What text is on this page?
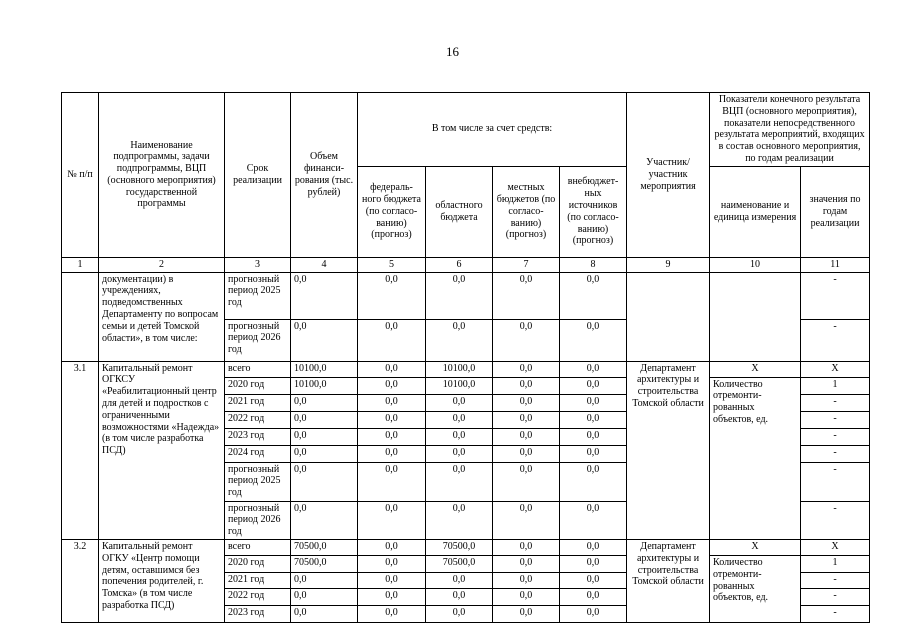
16
№ п/п	Наименование подпрограммы, задачи подпрограммы, ВЦП (основного мероприятия) государственной программы	Срок реализации	Объем финанси-рования (тыс. рублей)	В том числе за счет средств:				Участник/ участник мероприятия	Показатели конечного результата ВЦП (основного мероприятия), показатели непосредственного результата мероприятий, входящих в состав основного мероприятия, по годам реализации	
				федераль-ного бюджета (по согласо-ванию) (прогноз)	областного бюджета	местных бюджетов (по согласо-ванию) (прогноз)	внебюджет-ных источников (по согласо-ванию) (прогноз)		наименование и единица измерения	значения по годам реализации
1	2	3	4	5	6	7	8	9	10	11
	документации) в учреждениях, подведомственных Департаменту по вопросам семьи и детей Томской области», в том числе:	прогнозный период 2025 год	0,0	0,0	0,0	0,0	0,0			-
		прогнозный период 2026 год	0,0	0,0	0,0	0,0	0,0			-
3.1	Капитальный ремонт ОГКСУ «Реабилитационный центр для детей и подростков с ограниченными возможностями «Надежда» (в том числе разработка ПСД)	всего	10100,0	0,0	10100,0	0,0	0,0	Департамент архитектуры и строительства Томской области	Х	Х
		2020 год	10100,0	0,0	10100,0	0,0	0,0		Количество отремонти-рованных объектов, ед.	1
		2021 год	0,0	0,0	0,0	0,0	0,0			-
		2022 год	0,0	0,0	0,0	0,0	0,0			-
		2023 год	0,0	0,0	0,0	0,0	0,0			-
		2024 год	0,0	0,0	0,0	0,0	0,0			-
		прогнозный период 2025 год	0,0	0,0	0,0	0,0	0,0			-
		прогнозный период 2026 год	0,0	0,0	0,0	0,0	0,0			-
3.2	Капитальный ремонт ОГКУ «Центр помощи детям, оставшимся без попечения родителей, г. Томска» (в том числе разработка ПСД)	всего	70500,0	0,0	70500,0	0,0	0,0	Департамент архитектуры и строительства Томской области	Х	Х
		2020 год	70500,0	0,0	70500,0	0,0	0,0		Количество отремонти-рованных объектов, ед.	1
		2021 год	0,0	0,0	0,0	0,0	0,0			-
		2022 год	0,0	0,0	0,0	0,0	0,0			-
		2023 год	0,0	0,0	0,0	0,0	0,0			-
